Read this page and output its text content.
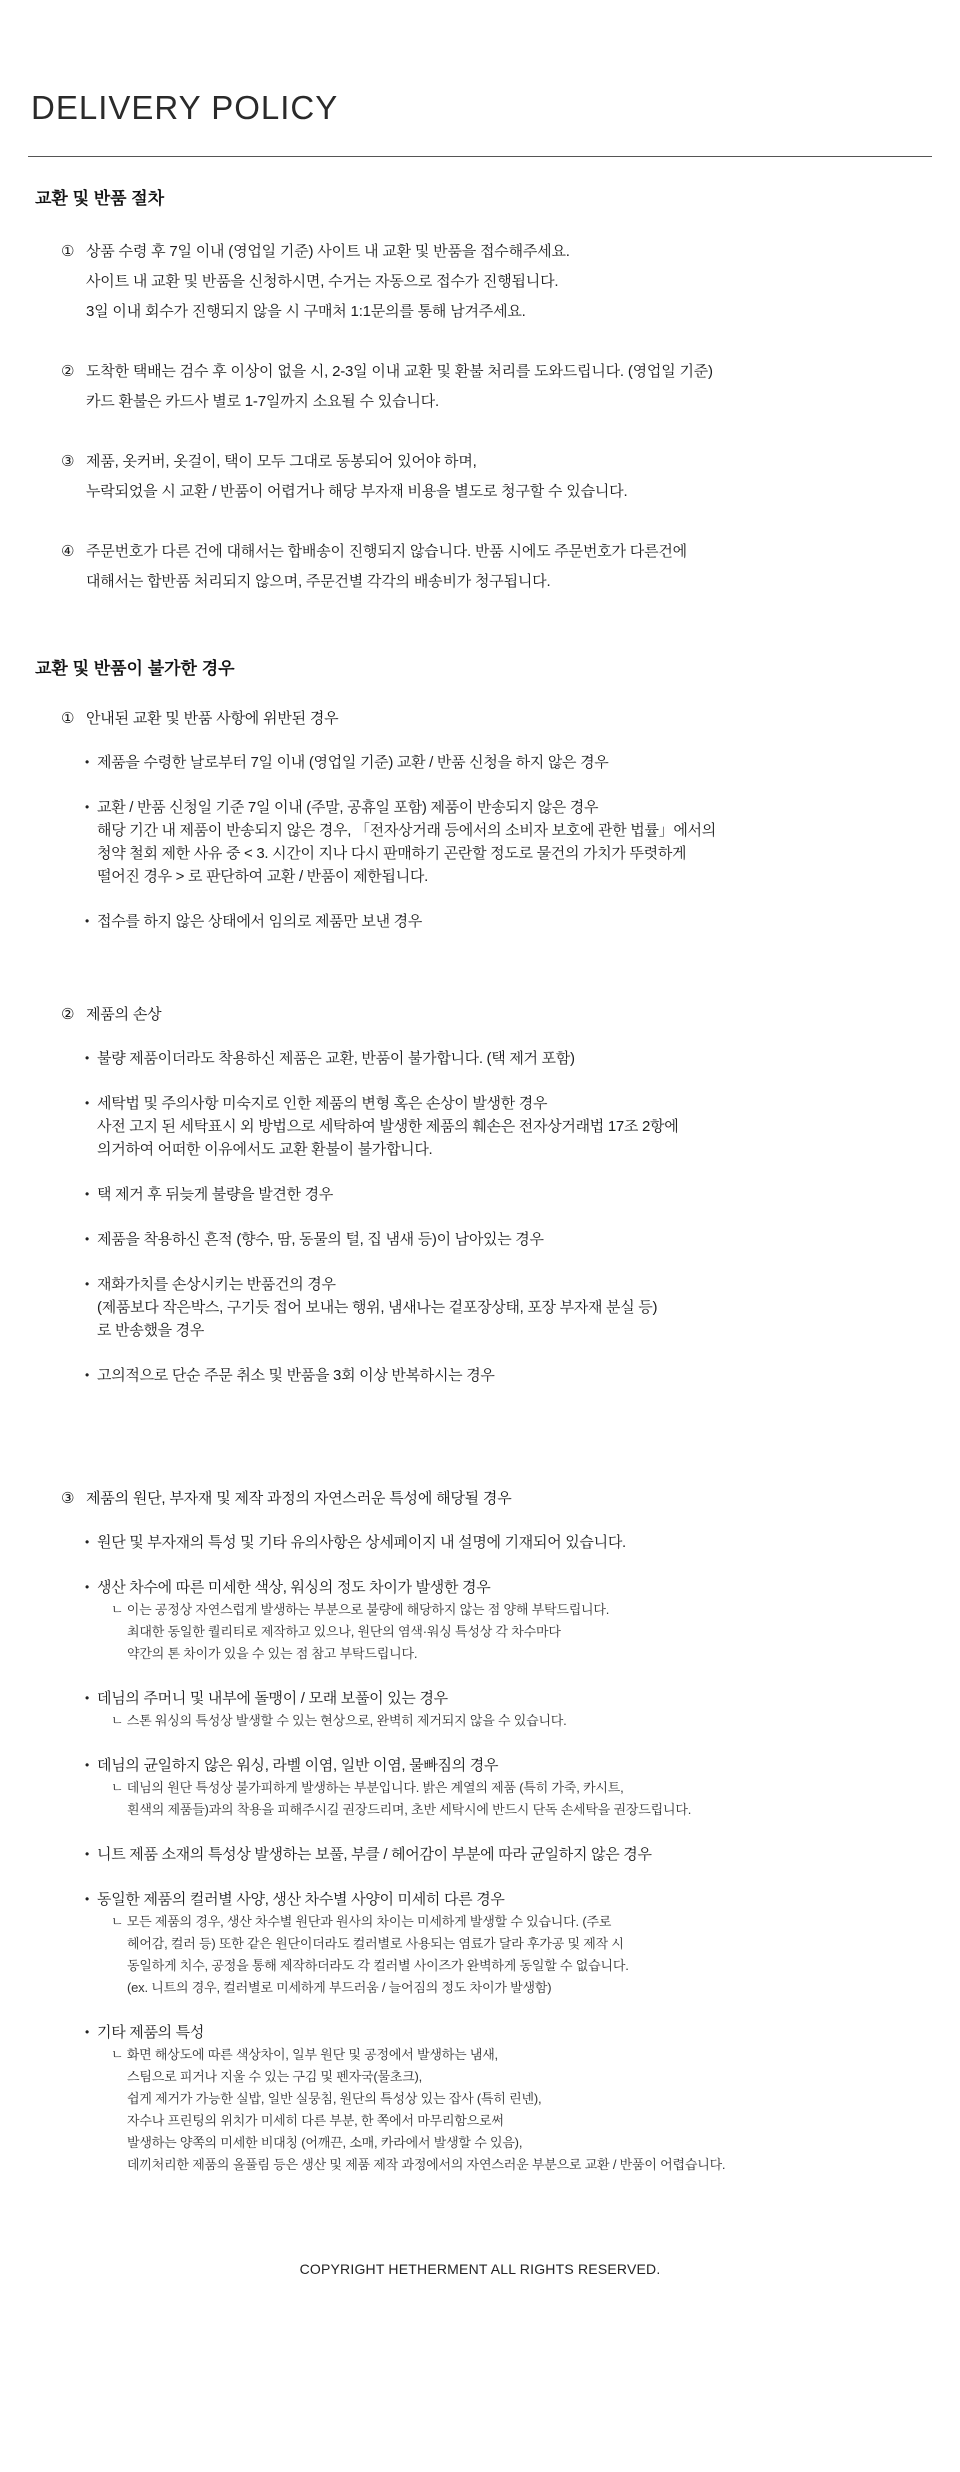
DELIVERY POLICY
교환 및 반품 절차
① 상품 수령 후 7일 이내 (영업일 기준) 사이트 내 교환 및 반품을 접수해주세요.
사이트 내 교환 및 반품을 신청하시면, 수거는 자동으로 접수가 진행됩니다.
3일 이내 회수가 진행되지 않을 시 구매처 1:1문의를 통해 남겨주세요.
② 도착한 택배는 검수 후 이상이 없을 시, 2-3일 이내 교환 및 환불 처리를 도와드립니다. (영업일 기준)
카드 환불은 카드사 별로 1-7일까지 소요될 수 있습니다.
③ 제품, 옷커버, 옷걸이, 택이 모두 그대로 동봉되어 있어야 하며,
누락되었을 시 교환 / 반품이 어렵거나 해당 부자재 비용을 별도로 청구할 수 있습니다.
④ 주문번호가 다른 건에 대해서는 합배송이 진행되지 않습니다. 반품 시에도 주문번호가 다른건에
대해서는 합반품 처리되지 않으며, 주문건별 각각의 배송비가 청구됩니다.
교환 및 반품이 불가한 경우
① 안내된 교환 및 반품 사항에 위반된 경우
• 제품을 수령한 날로부터 7일 이내 (영업일 기준) 교환 / 반품 신청을 하지 않은 경우
• 교환 / 반품 신청일 기준 7일 이내 (주말, 공휴일 포함) 제품이 반송되지 않은 경우
해당 기간 내 제품이 반송되지 않은 경우, 「전자상거래 등에서의 소비자 보호에 관한 법률」에서의
청약 철회 제한 사유 중 < 3. 시간이 지나 다시 판매하기 곤란할 정도로 물건의 가치가 뚜렷하게
떨어진 경우 > 로 판단하여 교환 / 반품이 제한됩니다.
• 접수를 하지 않은 상태에서 임의로 제품만 보낸 경우
② 제품의 손상
• 불량 제품이더라도 착용하신 제품은 교환, 반품이 불가합니다. (택 제거 포함)
• 세탁법 및 주의사항 미숙지로 인한 제품의 변형 혹은 손상이 발생한 경우
사전 고지 된 세탁표시 외 방법으로 세탁하여 발생한 제품의 훼손은 전자상거래법 17조 2항에
의거하여 어떠한 이유에서도 교환 환불이 불가합니다.
• 택 제거 후 뒤늦게 불량을 발견한 경우
• 제품을 착용하신 흔적 (향수, 땀, 동물의 털, 집 냄새 등)이 남아있는 경우
• 재화가치를 손상시키는 반품건의 경우
(제품보다 작은박스, 구기듯 접어 보내는 행위, 냄새나는 겉포장상태, 포장 부자재 분실 등)
로 반송했을 경우
• 고의적으로 단순 주문 취소 및 반품을 3회 이상 반복하시는 경우
③ 제품의 원단, 부자재 및 제작 과정의 자연스러운 특성에 해당될 경우
• 원단 및 부자재의 특성 및 기타 유의사항은 상세페이지 내 설명에 기재되어 있습니다.
• 생산 차수에 따른 미세한 색상, 워싱의 정도 차이가 발생한 경우
ㄴ 이는 공정상 자연스럽게 발생하는 부분으로 불량에 해당하지 않는 점 양해 부탁드립니다.
최대한 동일한 퀄리티로 제작하고 있으나, 원단의 염색·워싱 특성상 각 차수마다
약간의 톤 차이가 있을 수 있는 점 참고 부탁드립니다.
• 데님의 주머니 및 내부에 돌맹이 / 모래 보풀이 있는 경우
ㄴ 스톤 워싱의 특성상 발생할 수 있는 현상으로, 완벽히 제거되지 않을 수 있습니다.
• 데님의 균일하지 않은 워싱, 라벨 이염, 일반 이염, 물빠짐의 경우
ㄴ 데님의 원단 특성상 불가피하게 발생하는 부분입니다. 밝은 계열의 제품 (특히 가죽, 카시트,
흰색의 제품들)과의 착용을 피해주시길 권장드리며, 초반 세탁시에 반드시 단독 손세탁을 권장드립니다.
• 니트 제품 소재의 특성상 발생하는 보풀, 부클 / 헤어감이 부분에 따라 균일하지 않은 경우
• 동일한 제품의 컬러별 사양, 생산 차수별 사양이 미세히 다른 경우
ㄴ 모든 제품의 경우, 생산 차수별 원단과 원사의 차이는 미세하게 발생할 수 있습니다. (주로
헤어감, 컬러 등) 또한 같은 원단이더라도 컬러별로 사용되는 염료가 달라 후가공 및 제작 시
동일하게 치수, 공정을 통해 제작하더라도 각 컬러별 사이즈가 완벽하게 동일할 수 없습니다.
(ex. 니트의 경우, 컬러별로 미세하게 부드러움 / 늘어짐의 정도 차이가 발생함)
• 기타 제품의 특성
ㄴ 화면 해상도에 따른 색상차이, 일부 원단 및 공정에서 발생하는 냄새,
스팀으로 피거나 지울 수 있는 구김 및 펜자국(물초크),
쉽게 제거가 가능한 실밥, 일반 실뭉침, 원단의 특성상 있는 잡사 (특히 린넨),
자수나 프린팅의 위치가 미세히 다른 부분, 한 쪽에서 마무리함으로써
발생하는 양쪽의 미세한 비대칭 (어깨끈, 소매, 카라에서 발생할 수 있음),
데끼처리한 제품의 올풀림 등은 생산 및 제품 제작 과정에서의 자연스러운 부분으로 교환 / 반품이 어렵습니다.
COPYRIGHT HETHERMENT ALL RIGHTS RESERVED.
